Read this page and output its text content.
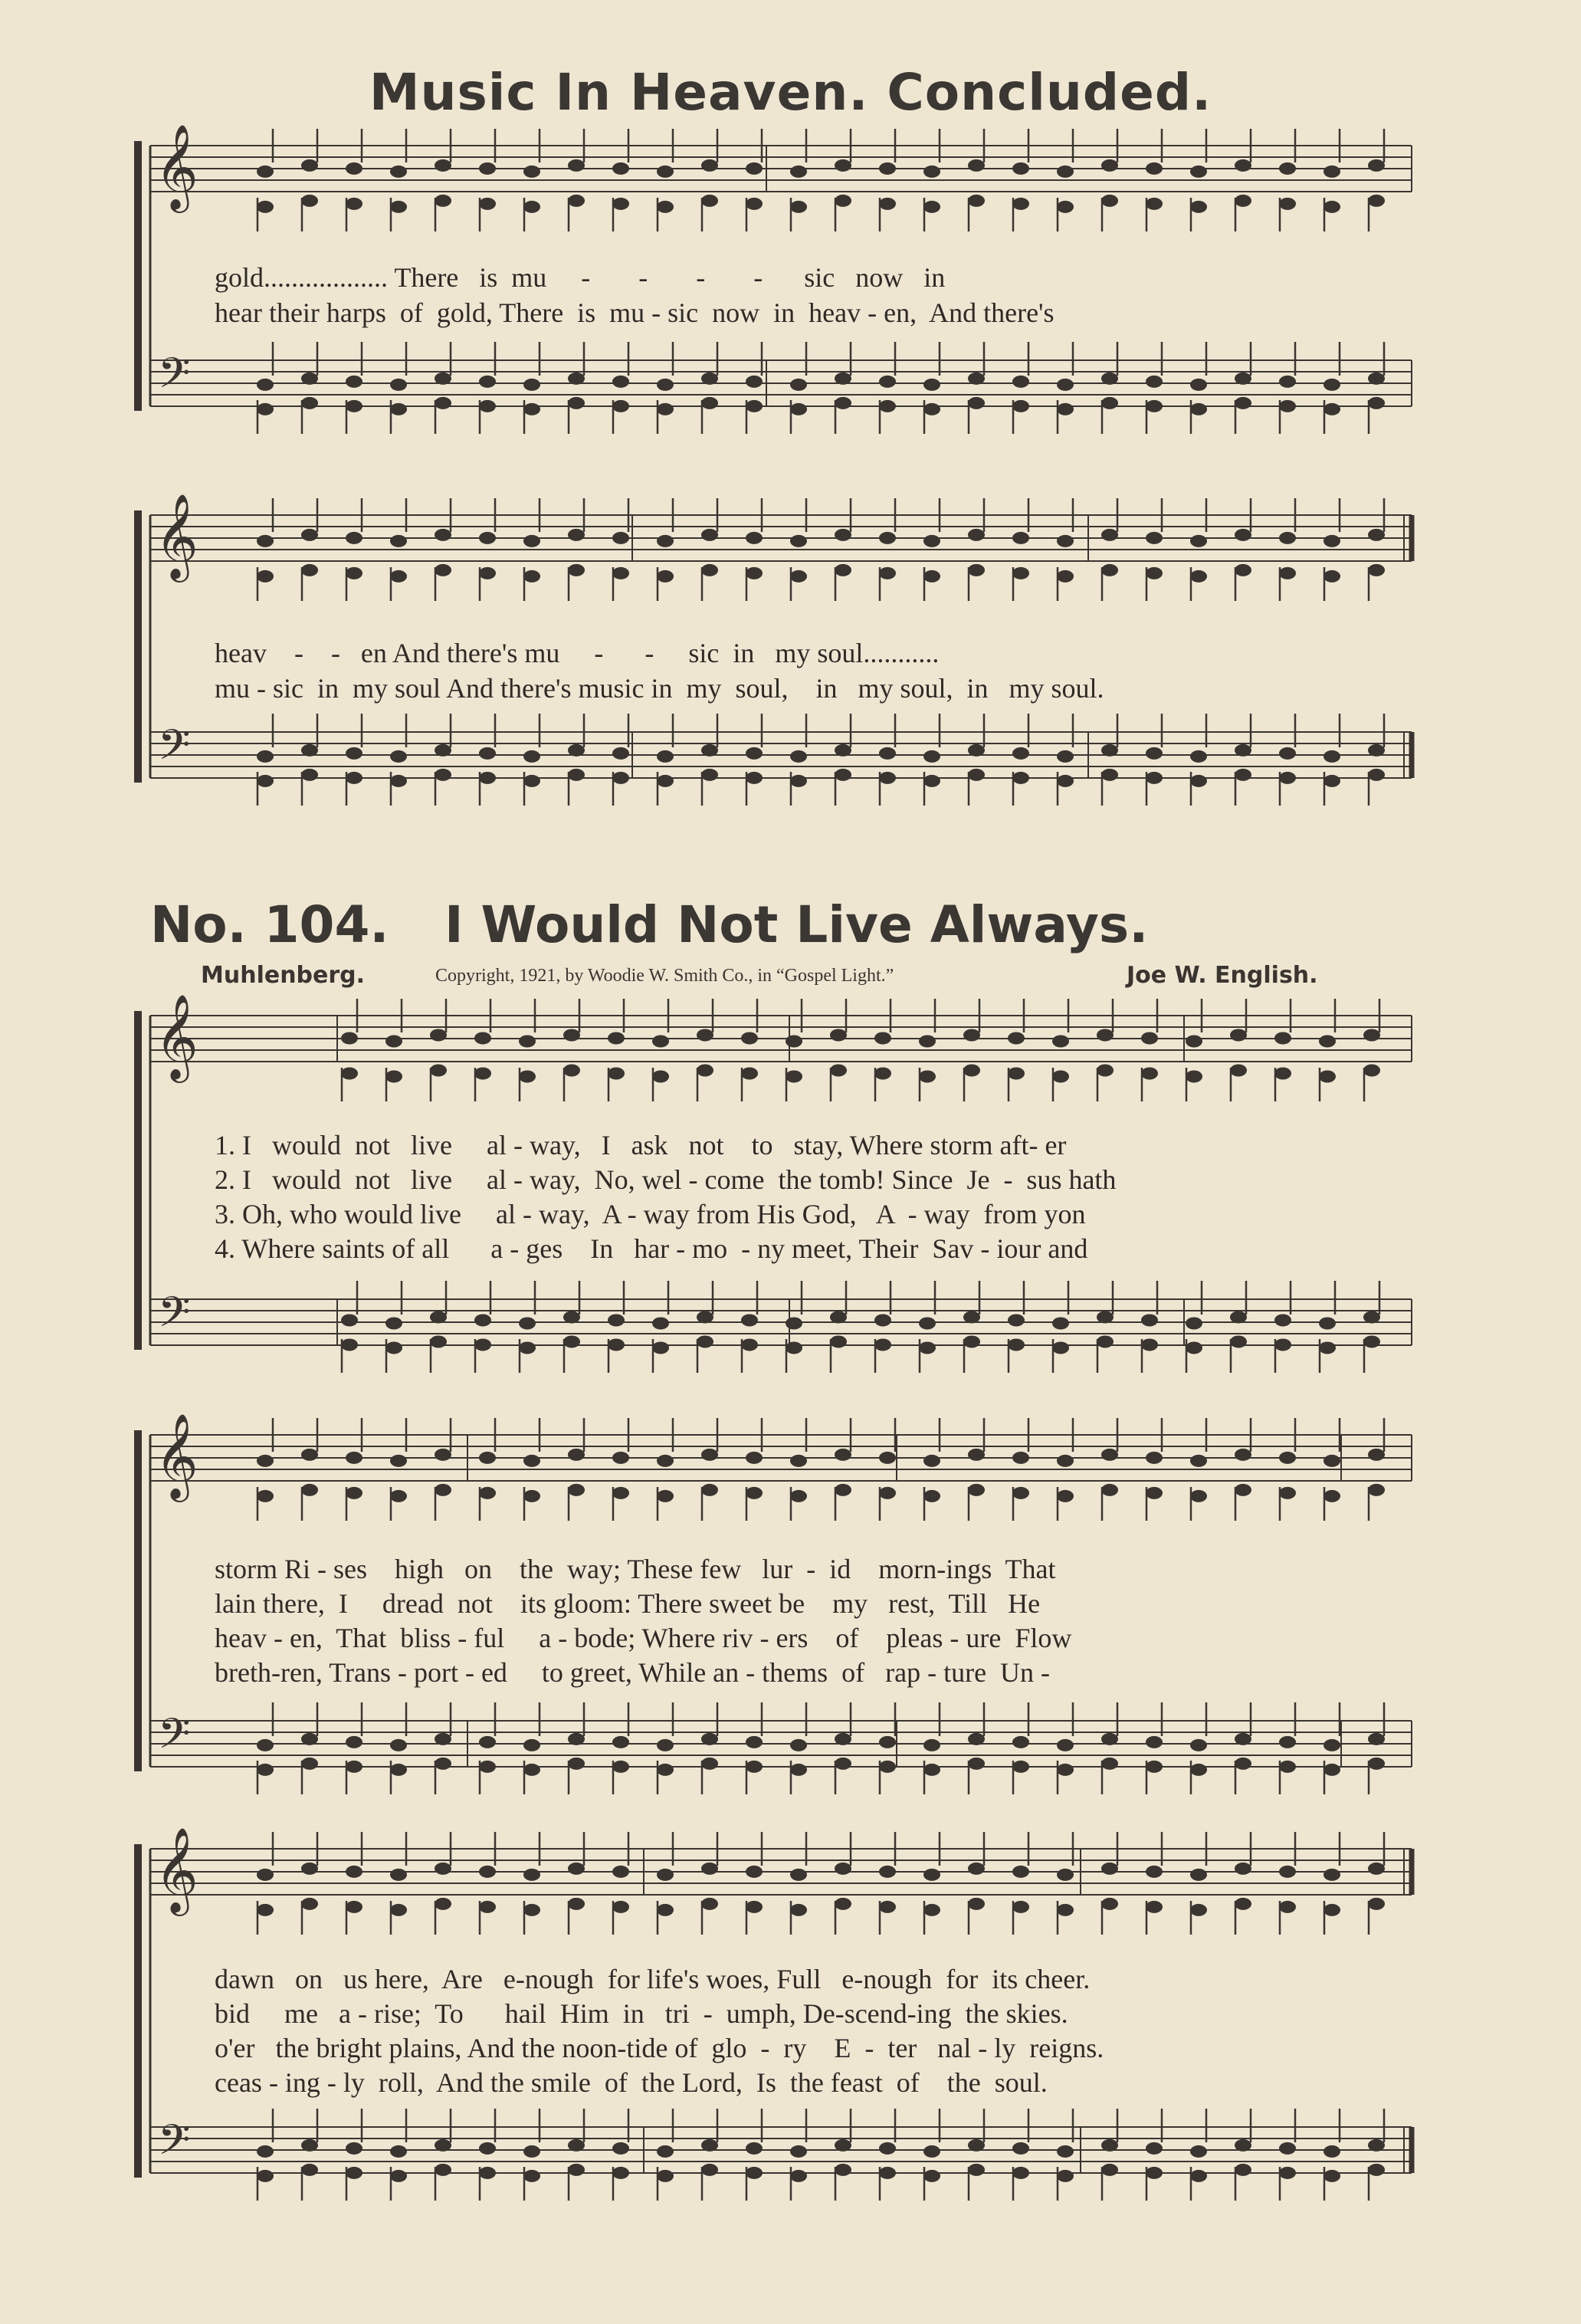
Music In Heaven. Concluded.
𝄞
𝄢
𝄞
𝄢
𝄞
𝄢
𝄞
𝄢
𝄞
𝄢
No. 104. I Would Not Live Always.
Muhlenberg.	Copyright, 1921, by Woodie W. Smith Co., in “Gospel Light.”	Joe W. English.
gold.................. There   is  mu     -       -       -       -      sic   now   in
hear their harps  of  gold, There  is  mu - sic  now  in  heav - en,  And there's
heav    -    -   en And there's mu     -      -     sic  in   my soul...........
mu - sic  in  my soul And there's music in  my  soul,    in   my soul,  in   my soul.
1. I   would  not   live     al - way,   I   ask   not    to   stay, Where storm aft- er
2. I   would  not   live     al - way,  No, wel - come  the tomb! Since  Je  -  sus hath
3. Oh, who would live     al - way,  A - way from His God,   A  - way  from yon
4. Where saints of all      a - ges    In   har - mo  - ny meet, Their  Sav - iour and
storm Ri - ses    high   on    the  way; These few   lur  -  id    morn-ings  That
lain there,  I     dread  not    its gloom: There sweet be    my   rest,  Till   He
heav - en,  That  bliss - ful     a - bode; Where riv - ers    of    pleas - ure  Flow
breth-ren, Trans - port - ed     to greet, While an - thems  of   rap - ture  Un -
dawn   on   us here,  Are   e-nough  for life's woes, Full   e-nough  for  its cheer.
bid     me   a - rise;  To      hail  Him  in   tri  -  umph, De-scend-ing  the skies.
o'er   the bright plains, And the noon-tide of  glo  -  ry    E  -  ter   nal - ly  reigns.
ceas - ing - ly  roll,  And the smile  of  the Lord,  Is  the feast  of    the  soul.
